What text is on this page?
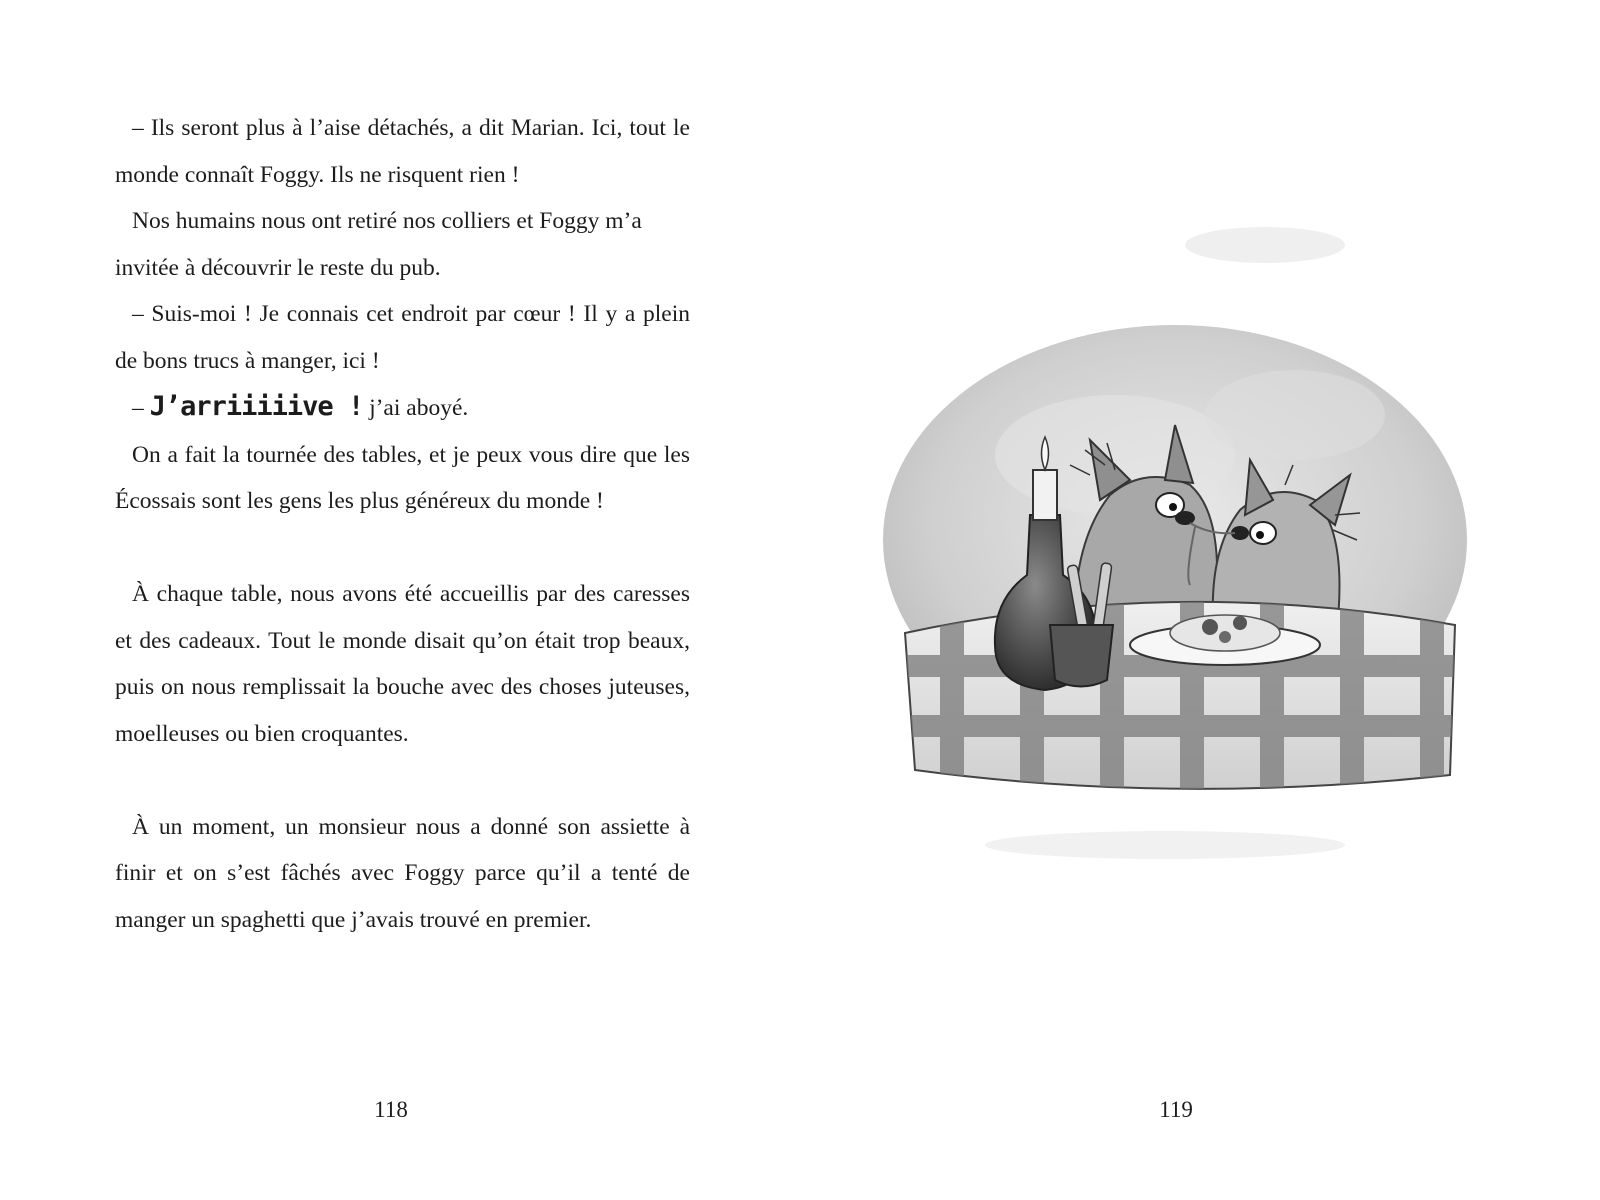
– Ils seront plus à l’aise détachés, a dit Marian. Ici, tout le monde connaît Foggy. Ils ne risquent rien !

Nos humains nous ont retiré nos colliers et Foggy m’a invitée à découvrir le reste du pub.

– Suis-moi ! Je connais cet endroit par cœur ! Il y a plein de bons trucs à manger, ici !

– J’arriiiiive ! j’ai aboyé.

On a fait la tournée des tables, et je peux vous dire que les Écossais sont les gens les plus généreux du monde !

À chaque table, nous avons été accueillis par des caresses et des cadeaux. Tout le monde disait qu’on était trop beaux, puis on nous remplissait la bouche avec des choses juteuses, moelleuses ou bien croquantes.

À un moment, un monsieur nous a donné son assiette à finir et on s’est fâchés avec Foggy parce qu’il a tenté de manger un spaghetti que j’avais trouvé en premier.

118	119
